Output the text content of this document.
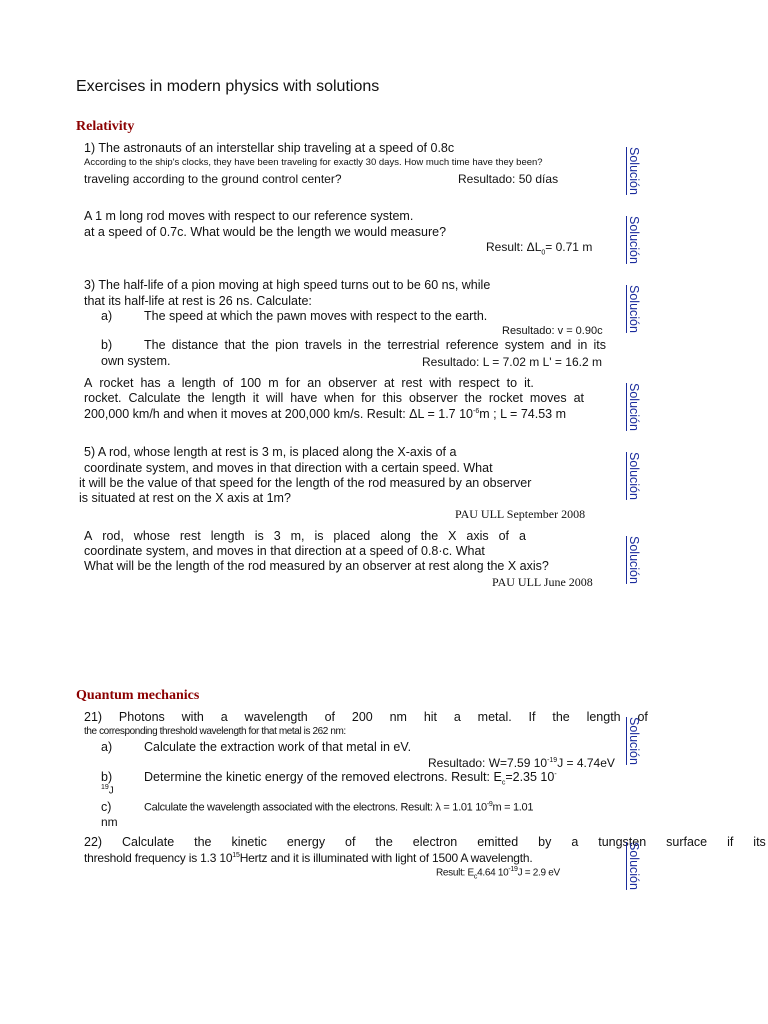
Exercises in modern physics with solutions
Relativity
1) The astronauts of an interstellar ship traveling at a speed of 0.8c
According to the ship's clocks, they have been traveling for exactly 30 days. How much time have they been?
traveling according to the ground control center?	Resultado: 50 días	Solución
A 1 m long rod moves with respect to our reference system.
at a speed of 0.7c. What would be the length we would measure?
Result: $\Delta L_0= 0.71$ m	Solución
3) The half-life of a pion moving at high speed turns out to be 60 ns, while
that its half-life at rest is 26 ns. Calculate:
a)	The speed at which the pawn moves with respect to the earth.
Resultado: v = 0.90c
b)	The distance that the pion travels in the terrestrial reference system and in its
own system.	Resultado: L = 7.02 m L' = 16.2 m
Solución
A rocket has a length of 100 m for an observer at rest with respect to it.
rocket. Calculate the length it will have when for this observer the rocket moves at
200,000 km/h and when it moves at 200,000 km/s. Result: ΔL = 1.7 $10^{-6}m$ ; L = 74.53 m	Solución
5) A rod, whose length at rest is 3 m, is placed along the X-axis of a
coordinate system, and moves in that direction with a certain speed. What
it will be the value of that speed for the length of the rod measured by an observer
is situated at rest on the X axis at 1m?
PAU ULL September 2008
Solución
A rod, whose rest length is 3 m, is placed along the X axis of a
coordinate system, and moves in that direction at a speed of 0.8·c. What
What will be the length of the rod measured by an observer at rest along the X axis?
PAU ULL June 2008	Solución
Quantum mechanics
21) Photons with a wavelength of 200 nm hit a metal. If the length of
the corresponding threshold wavelength for that metal is 262 nm:
a)	Calculate the extraction work of that metal in eV.
Resultado: W=7.59 $10^{-19}J = 4.74eV$
b)	Determine the kinetic energy of the removed electrons. Result: $E_c=2.35$ 10-
$^{19}$J
c)	Calculate the wavelength associated with the electrons. Result: λ = 1.01 $10^{-9}m = 1.01$
nm
Solución
22) Calculate the kinetic energy of the electron emitted by a tungsten surface if its
threshold frequency is 1.3 $10^{15}Hertz$ and it is illuminated with light of 1500 A wavelength.
Result: $E_c4.64$ $10^{-19}J = 2.9$ eV	Solución
